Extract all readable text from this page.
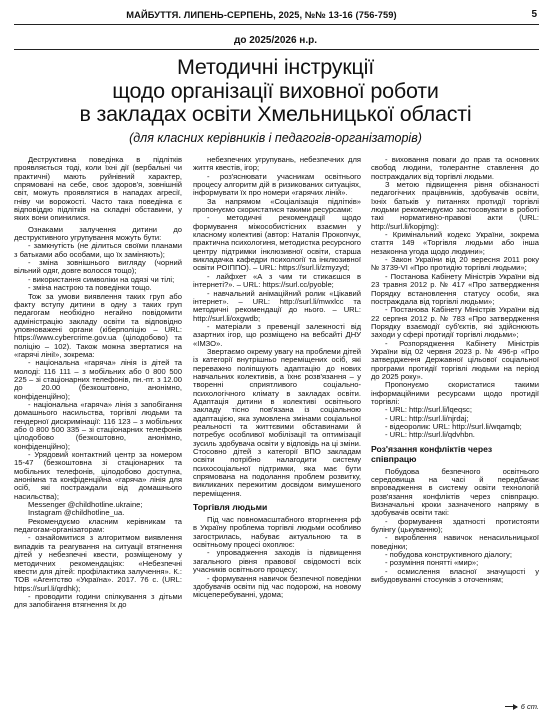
МАЙБУТТЯ. ЛИПЕНЬ-СЕРПЕНЬ, 2025, №№ 13-16 (756-759)	5
до 2025/2026 н.р.
Методичні інструкції
щодо організації виховної роботи
в закладах освіти Хмельницької області
(для класних керівників і педагогів-організаторів)

Деструктивна поведінка в підлітків проявляється тоді, коли їхні дії (вербальні чи практичні) мають руйнівний характер, спрямовані на себе, своє здоров'я, зовнішній світ, можуть проявлятися в нападах агресії, гніву чи ворожості. Часто така поведінка є відповіддю підлітків на складні обставини, у яких вони опинилися.

Ознаками залучення дитини до деструктивного угрупування можуть бути:

- замкнутість (не ділиться своїми планами з батьками або особами, що їх заміняють);

- зміна зовнішнього вигляду (чорний вільний одяг, довге волосся тощо);

- використання символіки на одязі чи тілі;

- зміна настрою та поведінки тощо.

Тож за умови виявлення таких груп або факту вступу дитини в одну з таких груп педагогам необхідно негайно повідомити адміністрацію закладу освіти та відповідно уповноважені органи (кіберполіцію – URL: https://www.cybercrime.gov.ua (цілодобово) та поліцію – 102). Також можна звертатися на «гарячі лінії», зокрема:

- національна «гаряча» лінія із дітей та молоді: 116 111 – з мобільних або 0 800 500 225 – зі стаціонарних телефонів, пн.-пт. з 12.00 до 20.00 (безкоштовно, анонімно, конфіденційно);

- національна «гаряча» лінія з запобігання домашнього насильства, торгівлі людьми та гендерної дискримінації: 116 123 – з мобільних або 0 800 500 335 – зі стаціонарних телефонів цілодобово (безкоштовно, анонімно, конфіденційно);

- Урядовий контактний центр за номером 15-47 (безкоштовна зі стаціонарних та мобільних телефонів, цілодобово доступна, анонімна та конфіденційна «гаряча» лінія для осіб, які постраждали від домашнього насильства);

Messenger @childhotline.ukraine;

Instagram @childhotline_ua.

Рекомендуємо класним керівникам та педагогам-організаторам:

- ознайомитися з алгоритмом виявлення випадків та реагування на ситуації втягнення дітей у небезпечні квести, розміщеному у методичних рекомендаціях: «Небезпечні квести для дітей: профілактика залучення». К.: ТОВ «Агентство «Україна». 2017. 76 с. (URL: https://surl.li/qrdhk);

- проводити години спілкування з дітьми для запобігання втягнення їх до

небезпечних угрупувань, небезпечних для життя квестів, ігор;

- роз'яснювати учасникам освітнього процесу алгоритм дій в ризикованих ситуаціях, інформувати їх про номери «гарячих ліній».

За напрямом «Соціалізація підлітків» пропонуємо скористатися такими ресурсами:

- методичні рекомендації щодо формування міжособистісних взаємин у класному колективі (автор: Наталія Прокопчук, практична психологиня, методистка ресурсного центру підтримки інклюзивної освіти, старша викладачка кафедри психології та інклюзивної освіти РОІППО). – URL: https://surl.li/zmyzyd;

- лайфхет «А з чим ти стикаєшся в інтернеті?». – URL: https://surl.cc/pyoble;

- навчальний анімаційний ролик «Цікавий інтернет». – URL: http://surl.li/mwxlcc та методичні рекомендації до нього. – URL: http://surl.li/oxgwdb;

- матеріали з превенції залежності від азартних ігор, що розміщено на вебсайті ДНУ «ІМЗО».

Звертаємо окрему увагу на проблеми дітей із категорії внутрішньо переміщених осіб, які переважно поліпшують адаптацію до нових навчальних колективів, а їхнє розв'язання – у творенні сприятливого соціально-психологічного клімату в закладах освіти. Адаптація дитини в колективі освітнього закладу тісно пов'язана із соціальною адаптацією, яка зумовлена змінами соціальної реальності та життєвими обставинами й потребує особливої мобілізації та оптимізації зусиль здобувача освіти у відповідь на ці зміни. Стосовно дітей з категорії ВПО закладам освіти потрібно налагодити систему психосоціальної підтримки, яка має бути спрямована на подолання проблем розвитку, викликаних пережитим досвідом вимушеного переміщення.

Торгівля людьми

Під час повномасштабного вторгнення рф в Україну проблема торгівлі людьми особливо загострилась, набуває актуальною та в освітньому процесі охоплює:

- упровадження заходів із підвищення загального рівня правової свідомості всіх учасників освітнього процесу;

- формування навичок безпечної поведінки здобувачів освіти під час подорожі, на новому місцеперебуванні, удома;

- виховання поваги до прав та основних свобод людини, толерантне ставлення до постраждалих від торгівлі людьми.

З метою підвищення рівня обізнаності педагогічних працівників, здобувачів освіти, їхніх батьків у питаннях протидії торгівлі людьми рекомендуємо застосовувати в роботі такі нормативно-правові акти (URL: http://surl.li/kopjmg):

- Кримінальний кодекс України, зокрема стаття 149 «Торгівля людьми або інша незаконна угода щодо людини»;

- Закон України від 20 вересня 2011 року № 3739-VI «Про протидію торгівлі людьми»;

- Постанова Кабінету Міністрів України від 23 травня 2012 р. № 417 «Про затвердження Порядку встановлення статусу особи, яка постраждала від торгівлі людьми»;

- Постанова Кабінету Міністрів України від 22 серпня 2012 р. № 783 «Про затвердження Порядку взаємодії суб'єктів, які здійснюють заходи у сфері протидії торгівлі людьми»;

- Розпорядження Кабінету Міністрів України від 02 червня 2023 р. № 496-р «Про затвердження Державної цільової соціальної програми протидії торгівлі людьми на період до 2025 року».

Пропонуємо скористатися такими інформаційними ресурсами щодо протидії торгівлі:

- URL: http://surl.li/lqeqsc;

- URL: http://surl.li/njrdaj;

- відеоролик: URL: http://surl.li/wqamqb;

- URL: http://surl.li/qdvhbn.

Роз'язання конфліктів через співпрацю

Побудова безпечного освітнього середовища на часі й передбачає впровадження в систему освіти технологій розв'язання конфліктів через співпрацю. Визначальні кроки зазначеного напряму в здобувачів освіти такі:

- формування здатності протистояти булінгу (цькуванню);

- вироблення навичок ненасильницької поведінки;

- побудова конструктивного діалогу;

- розуміння понятті «мир»;

- осмислення власної значущості у вибудовуванні стосунків з оточенням;

6 ст.
